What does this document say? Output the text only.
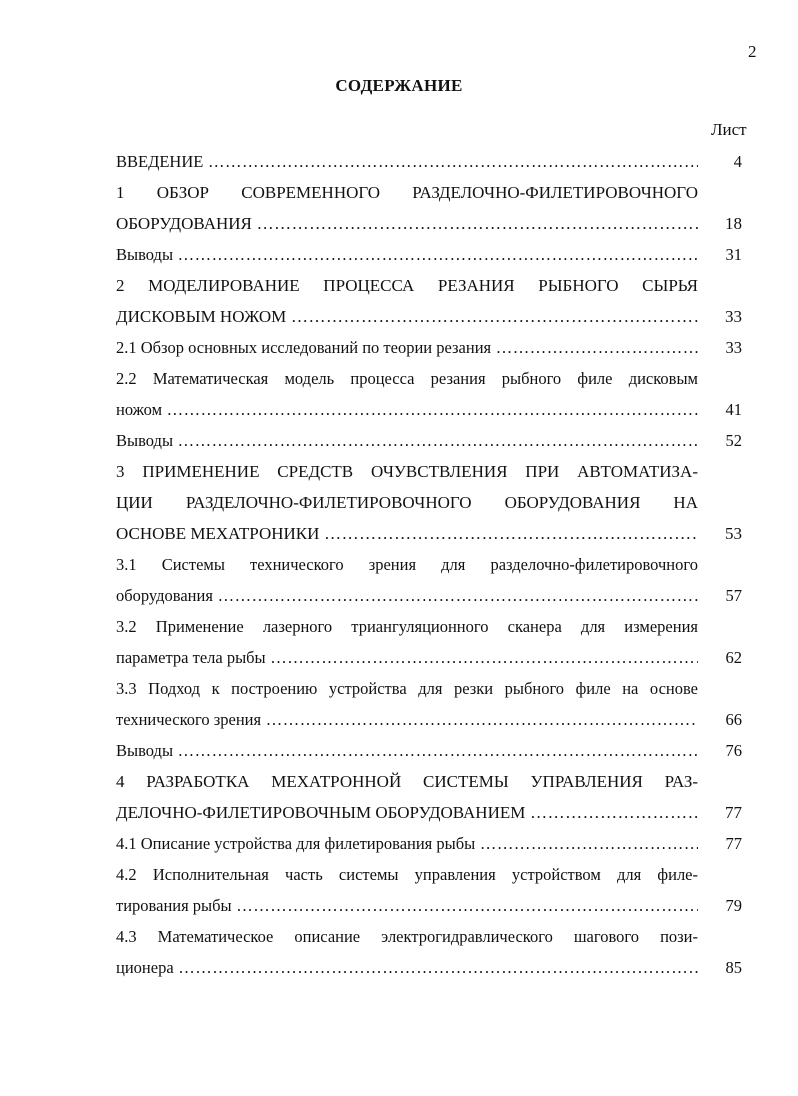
2
СОДЕРЖАНИЕ
Лист
ВВЕДЕНИЕ ………………………………………………………………………………………………………………………………………………………………………	4
1 ОБЗОР СОВРЕМЕННОГО РАЗДЕЛОЧНО-ФИЛЕТИРОВОЧНОГО
ОБОРУДОВАНИЯ ………………………………………………………………………………………………………………………………………………………………………	18
Выводы ………………………………………………………………………………………………………………………………………………………………………	31
2 МОДЕЛИРОВАНИЕ ПРОЦЕССА РЕЗАНИЯ РЫБНОГО СЫРЬЯ
ДИСКОВЫМ НОЖОМ ………………………………………………………………………………………………………………………………………………………………………	33
2.1 Обзор основных исследований по теории резания ………………………………………………………………………………………………………………………………………………………………………	33
2.2 Математическая модель процесса резания рыбного филе дисковым
ножом ………………………………………………………………………………………………………………………………………………………………………	41
Выводы ………………………………………………………………………………………………………………………………………………………………………	52
3 ПРИМЕНЕНИЕ СРЕДСТВ ОЧУВСТВЛЕНИЯ ПРИ АВТОМАТИЗА-
ЦИИ РАЗДЕЛОЧНО-ФИЛЕТИРОВОЧНОГО ОБОРУДОВАНИЯ НА
ОСНОВЕ МЕХАТРОНИКИ ………………………………………………………………………………………………………………………………………………………………………	53
3.1 Системы технического зрения для разделочно-филетировочного
оборудования ………………………………………………………………………………………………………………………………………………………………………	57
3.2 Применение лазерного триангуляционного сканера для измерения
параметра тела рыбы ………………………………………………………………………………………………………………………………………………………………………	62
3.3 Подход к построению устройства для резки рыбного филе на основе
технического зрения ………………………………………………………………………………………………………………………………………………………………………	66
Выводы ………………………………………………………………………………………………………………………………………………………………………	76
4 РАЗРАБОТКА МЕХАТРОННОЙ СИСТЕМЫ УПРАВЛЕНИЯ РАЗ-
ДЕЛОЧНО-ФИЛЕТИРОВОЧНЫМ ОБОРУДОВАНИЕМ ………………………………………………………………………………………………………………………………………………………………………	77
4.1 Описание устройства для филетирования рыбы ………………………………………………………………………………………………………………………………………………………………………	77
4.2 Исполнительная часть системы управления устройством для филе-
тирования рыбы ………………………………………………………………………………………………………………………………………………………………………	79
4.3 Математическое описание электрогидравлического шагового пози-
ционера ………………………………………………………………………………………………………………………………………………………………………	85
